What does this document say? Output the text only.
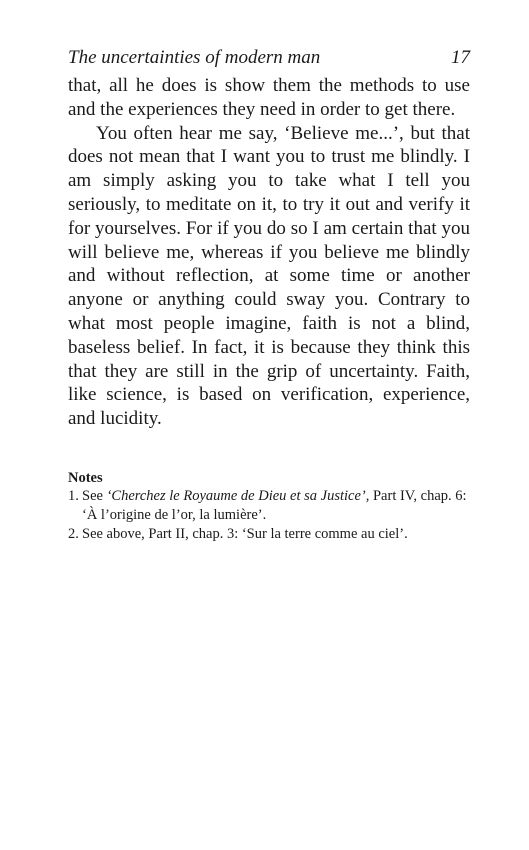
The uncertainties of modern man	17

that, all he does is show them the methods to use and the experiences they need in order to get there.

You often hear me say, ‘Believe me...’, but that does not mean that I want you to trust me blindly. I am simply asking you to take what I tell you seriously, to meditate on it, to try it out and verify it for yourselves. For if you do so I am certain that you will believe me, whereas if you believe me blindly and without reflection, at some time or another anyone or anything could sway you. Contrary to what most people imagine, faith is not a blind, baseless belief. In fact, it is because they think this that they are still in the grip of uncertainty. Faith, like science, is based on verification, experience, and lucidity.

Notes
1. See ‘Cherchez le Royaume de Dieu et sa Justice’, Part IV, chap. 6: ‘À l’origine de l’or, la lumière’.
2. See above, Part II, chap. 3: ‘Sur la terre comme au ciel’.
